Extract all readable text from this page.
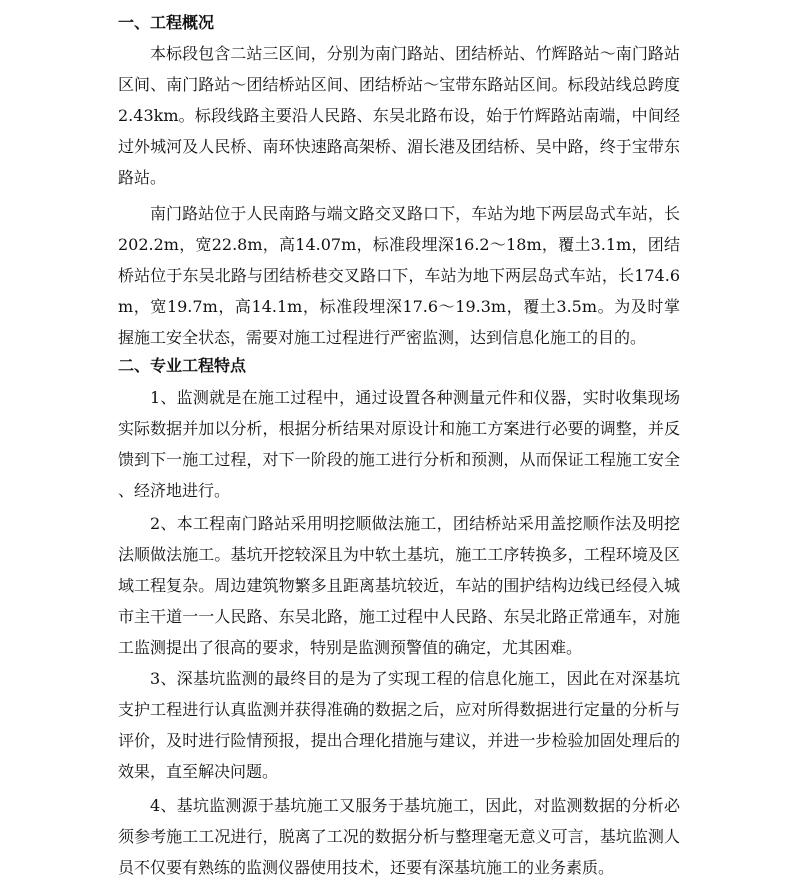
一、工程概况

本标段包含二站三区间，分别为南门路站、团结桥站、竹辉路站～南门路站区间、南门路站～团结桥站区间、团结桥站～宝带东路站区间。标段站线总跨度2.43km。标段线路主要沿人民路、东吴北路布设，始于竹辉路站南端，中间经过外城河及人民桥、南环快速路高架桥、湄长港及团结桥、吴中路，终于宝带东路站。

南门路站位于人民南路与端文路交叉路口下，车站为地下两层岛式车站，长202.2m，宽22.8m，高14.07m，标准段埋深16.2～18m，覆土3.1m，团结桥站位于东吴北路与团结桥巷交叉路口下，车站为地下两层岛式车站，长174.6m，宽19.7m，高14.1m，标准段埋深17.6～19.3m，覆土3.5m。为及时掌握施工安全状态，需要对施工过程进行严密监测，达到信息化施工的目的。

二、专业工程特点

1、监测就是在施工过程中，通过设置各种测量元件和仪器，实时收集现场实际数据并加以分析，根据分析结果对原设计和施工方案进行必要的调整，并反馈到下一施工过程，对下一阶段的施工进行分析和预测，从而保证工程施工安全、经济地进行。

2、本工程南门路站采用明挖顺做法施工，团结桥站采用盖挖顺作法及明挖法顺做法施工。基坑开挖较深且为中软土基坑，施工工序转换多，工程环境及区域工程复杂。周边建筑物繁多且距离基坑较近，车站的围护结构边线已经侵入城市主干道一一人民路、东吴北路，施工过程中人民路、东吴北路正常通车，对施工监测提出了很高的要求，特别是监测预警值的确定，尤其困难。

3、深基坑监测的最终目的是为了实现工程的信息化施工，因此在对深基坑支护工程进行认真监测并获得准确的数据之后，应对所得数据进行定量的分析与评价，及时进行险情预报，提出合理化措施与建议，并进一步检验加固处理后的效果，直至解决问题。

4、基坑监测源于基坑施工又服务于基坑施工，因此，对监测数据的分析必须参考施工工况进行，脱离了工况的数据分析与整理毫无意义可言，基坑监测人员不仅要有熟练的监测仪器使用技术，还要有深基坑施工的业务素质。
